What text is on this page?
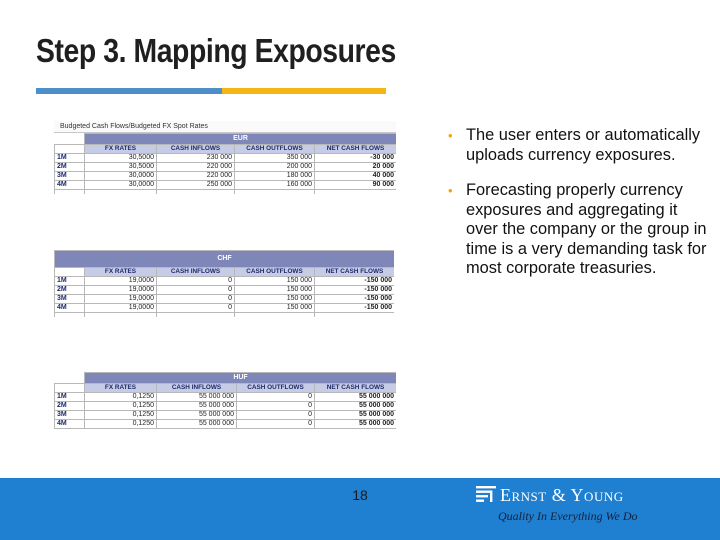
Step 3. Mapping Exposures
Budgeted Cash Flows/Budgeted FX Spot Rates
	EUR			
	FX RATES	CASH INFLOWS	CASH OUTFLOWS	NET CASH FLOWS
1M	30,5000	230 000	350 000	-30 000
2M	30,5000	220 000	200 000	20 000
3M	30,0000	220 000	180 000	40 000
4M	30,0000	250 000	160 000	90 000

CHF				
	FX RATES	CASH INFLOWS	CASH OUTFLOWS	NET CASH FLOWS
1M	19,0000	0	150 000	-150 000
2M	19,0000	0	150 000	-150 000
3M	19,0000	0	150 000	-150 000
4M	19,0000	0	150 000	-150 000

	HUF			
	FX RATES	CASH INFLOWS	CASH OUTFLOWS	NET CASH FLOWS
1M	0,1250	55 000 000	0	55 000 000
2M	0,1250	55 000 000	0	55 000 000
3M	0,1250	55 000 000	0	55 000 000
4M	0,1250	55 000 000	0	55 000 000
• The user enters or automatically uploads currency exposures.
• Forecasting properly currency exposures and aggregating it over the company or the group in time is a very demanding task for most corporate treasuries.
18	Ernst & Young
Quality In Everything We Do
